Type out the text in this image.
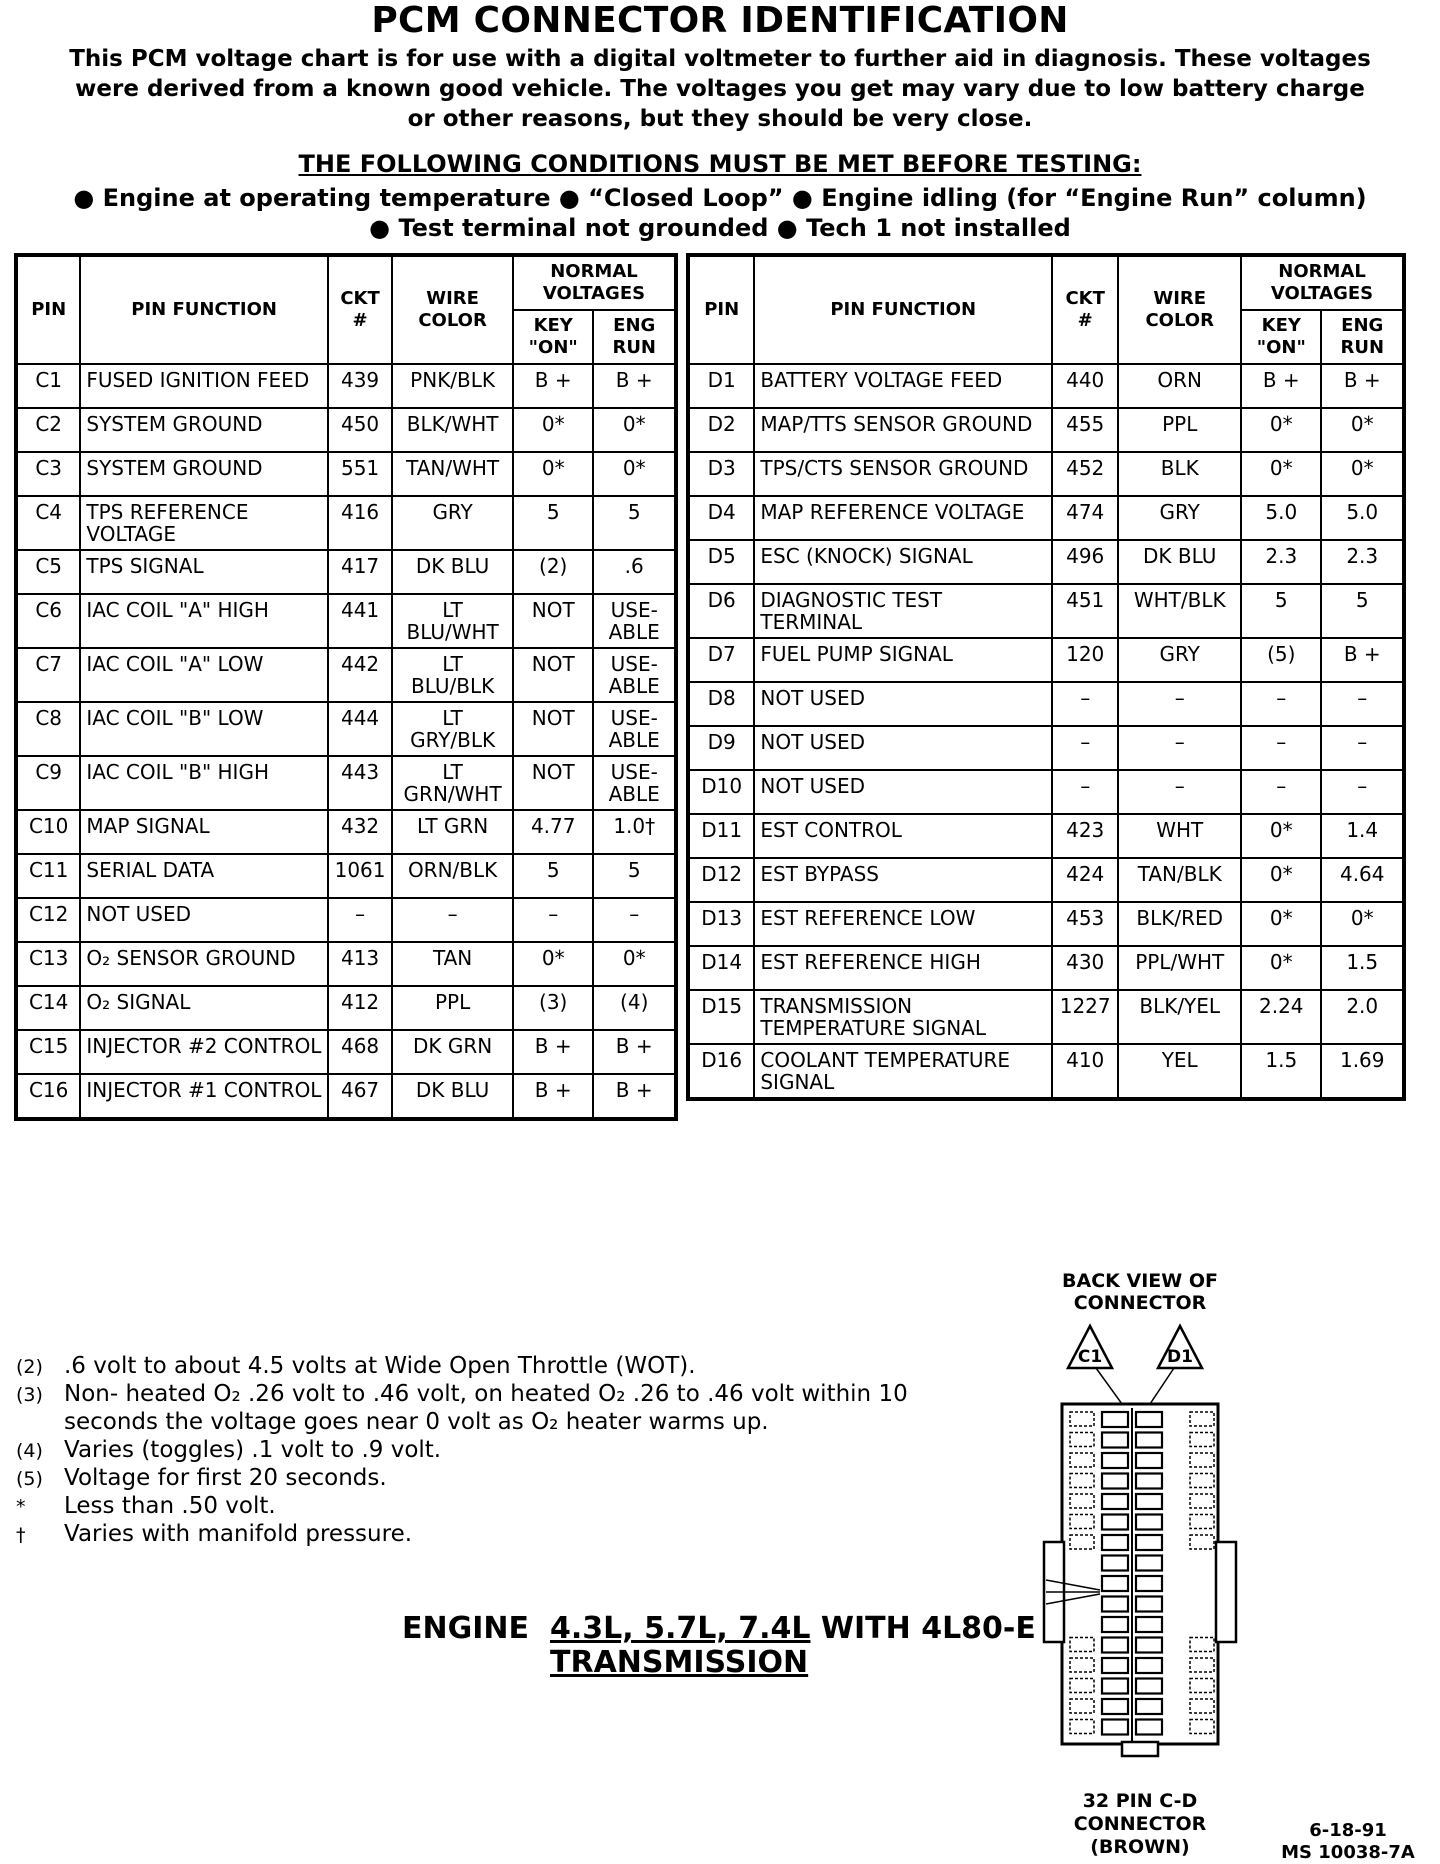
PCM CONNECTOR IDENTIFICATION
This PCM voltage chart is for use with a digital voltmeter to further aid in diagnosis. These voltages
were derived from a known good vehicle. The voltages you get may vary due to low battery charge
or other reasons, but they should be very close.
THE FOLLOWING CONDITIONS MUST BE MET BEFORE TESTING:
● Engine at operating temperature ● “Closed Loop” ● Engine idling (for “Engine Run” column)
● Test terminal not grounded ● Tech 1 not installed
PIN	PIN FUNCTION	CKT #	WIRE COLOR	NORMAL VOLTAGES	
				KEY "ON"	ENG RUN
C1	FUSED IGNITION FEED	439	PNK/BLK	B +	B +
C2	SYSTEM GROUND	450	BLK/WHT	0*	0*
C3	SYSTEM GROUND	551	TAN/WHT	0*	0*
C4	TPS REFERENCE VOLTAGE	416	GRY	5	5
C5	TPS SIGNAL	417	DK BLU	(2)	.6
C6	IAC COIL "A" HIGH	441	LT BLU/WHT	NOT	USE-ABLE
C7	IAC COIL "A" LOW	442	LT BLU/BLK	NOT	USE-ABLE
C8	IAC COIL "B" LOW	444	LT GRY/BLK	NOT	USE-ABLE
C9	IAC COIL "B" HIGH	443	LT GRN/WHT	NOT	USE-ABLE
C10	MAP SIGNAL	432	LT GRN	4.77	1.0†
C11	SERIAL DATA	1061	ORN/BLK	5	5
C12	NOT USED	–	–	–	–
C13	O₂ SENSOR GROUND	413	TAN	0*	0*
C14	O₂ SIGNAL	412	PPL	(3)	(4)
C15	INJECTOR #2 CONTROL	468	DK GRN	B +	B +
C16	INJECTOR #1 CONTROL	467	DK BLU	B +	B +
PIN	PIN FUNCTION	CKT #	WIRE COLOR	NORMAL VOLTAGES	
				KEY "ON"	ENG RUN
D1	BATTERY VOLTAGE FEED	440	ORN	B +	B +
D2	MAP/TTS SENSOR GROUND	455	PPL	0*	0*
D3	TPS/CTS SENSOR GROUND	452	BLK	0*	0*
D4	MAP REFERENCE VOLTAGE	474	GRY	5.0	5.0
D5	ESC (KNOCK) SIGNAL	496	DK BLU	2.3	2.3
D6	DIAGNOSTIC TEST TERMINAL	451	WHT/BLK	5	5
D7	FUEL PUMP SIGNAL	120	GRY	(5)	B +
D8	NOT USED	–	–	–	–
D9	NOT USED	–	–	–	–
D10	NOT USED	–	–	–	–
D11	EST CONTROL	423	WHT	0*	1.4
D12	EST BYPASS	424	TAN/BLK	0*	4.64
D13	EST REFERENCE LOW	453	BLK/RED	0*	0*
D14	EST REFERENCE HIGH	430	PPL/WHT	0*	1.5
D15	TRANSMISSION TEMPERATURE SIGNAL	1227	BLK/YEL	2.24	2.0
D16	COOLANT TEMPERATURE SIGNAL	410	YEL	1.5	1.69
(2) .6 volt to about 4.5 volts at Wide Open Throttle (WOT).
(3) Non- heated O₂ .26 volt to .46 volt, on heated O₂ .26 to .46 volt within 10 seconds the voltage goes near 0 volt as O₂ heater warms up.
(4) Varies (toggles) .1 volt to .9 volt.
(5) Voltage for first 20 seconds.
*	Less than .50 volt.
†	Varies with manifold pressure.
ENGINE 4.3L, 5.7L, 7.4L WITH 4L80-E
TRANSMISSION
BACK VIEW OF CONNECTOR
C1	D1
32 PIN C-D
CONNECTOR
(BROWN)
6-18-91
MS 10038-7A
